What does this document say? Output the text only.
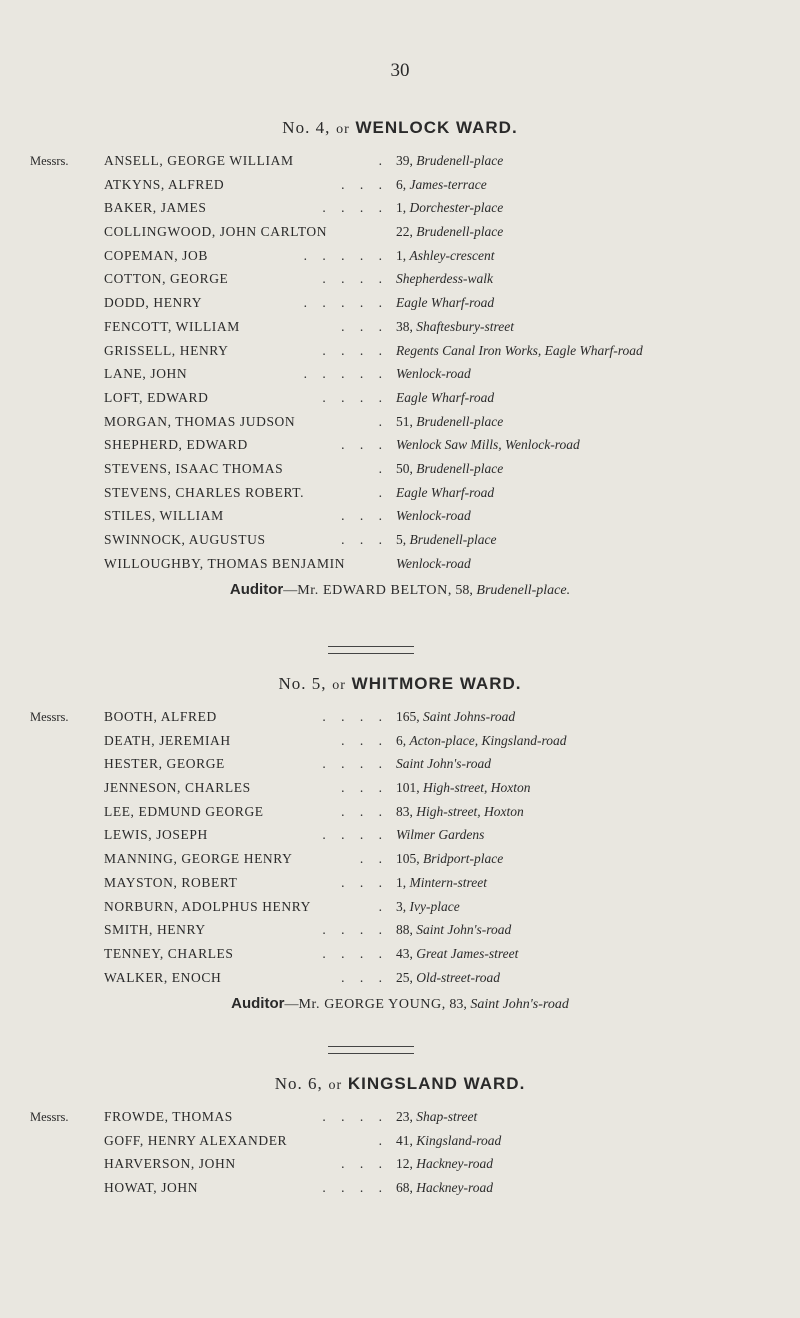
30
No. 4, or WENLOCK WARD.
Messrs.	ANSELL, GEORGE WILLIAM	. 39, Brudenell-place
ATKYNS, ALFRED	. . . 6, James-terrace
BAKER, JAMES	. . . . 1, Dorchester-place
COLLINGWOOD, JOHN CARLTON	22, Brudenell-place
COPEMAN, JOB	. . . . . 1, Ashley-crescent
COTTON, GEORGE	. . . . Shepherdess-walk
DODD, HENRY	. . . . . Eagle Wharf-road
FENCOTT, WILLIAM	. . . 38, Shaftesbury-street
GRISSELL, HENRY	. . . . Regents Canal Iron Works, Eagle Wharf-road
LANE, JOHN	. . . . . Wenlock-road
LOFT, EDWARD	. . . . Eagle Wharf-road
MORGAN, THOMAS JUDSON	. 51, Brudenell-place
SHEPHERD, EDWARD	. . . Wenlock Saw Mills, Wenlock-road
STEVENS, ISAAC THOMAS	. 50, Brudenell-place
STEVENS, CHARLES ROBERT.	. Eagle Wharf-road
STILES, WILLIAM	. . . Wenlock-road
SWINNOCK, AUGUSTUS	. . . 5, Brudenell-place
WILLOUGHBY, THOMAS BENJAMIN	Wenlock-road
Auditor—Mr. EDWARD BELTON, 58, Brudenell-place.
No. 5, or WHITMORE WARD.
Messrs.	BOOTH, ALFRED	. . . . 165, Saint Johns-road
DEATH, JEREMIAH	. . . 6, Acton-place, Kingsland-road
HESTER, GEORGE	. . . . Saint John's-road
JENNESON, CHARLES	. . . 101, High-street, Hoxton
LEE, EDMUND GEORGE	. . . 83, High-street, Hoxton
LEWIS, JOSEPH	. . . . Wilmer Gardens
MANNING, GEORGE HENRY	. . 105, Bridport-place
MAYSTON, ROBERT	. . . 1, Mintern-street
NORBURN, ADOLPHUS HENRY	. 3, Ivy-place
SMITH, HENRY	. . . . 88, Saint John's-road
TENNEY, CHARLES	. . . . 43, Great James-street
WALKER, ENOCH	. . . 25, Old-street-road
Auditor—Mr. GEORGE YOUNG, 83, Saint John's-road
No. 6, or KINGSLAND WARD.
Messrs.	FROWDE, THOMAS	. . . . 23, Shap-street
GOFF, HENRY ALEXANDER	. 41, Kingsland-road
HARVERSON, JOHN	. . . 12, Hackney-road
HOWAT, JOHN	. . . . 68, Hackney-road
